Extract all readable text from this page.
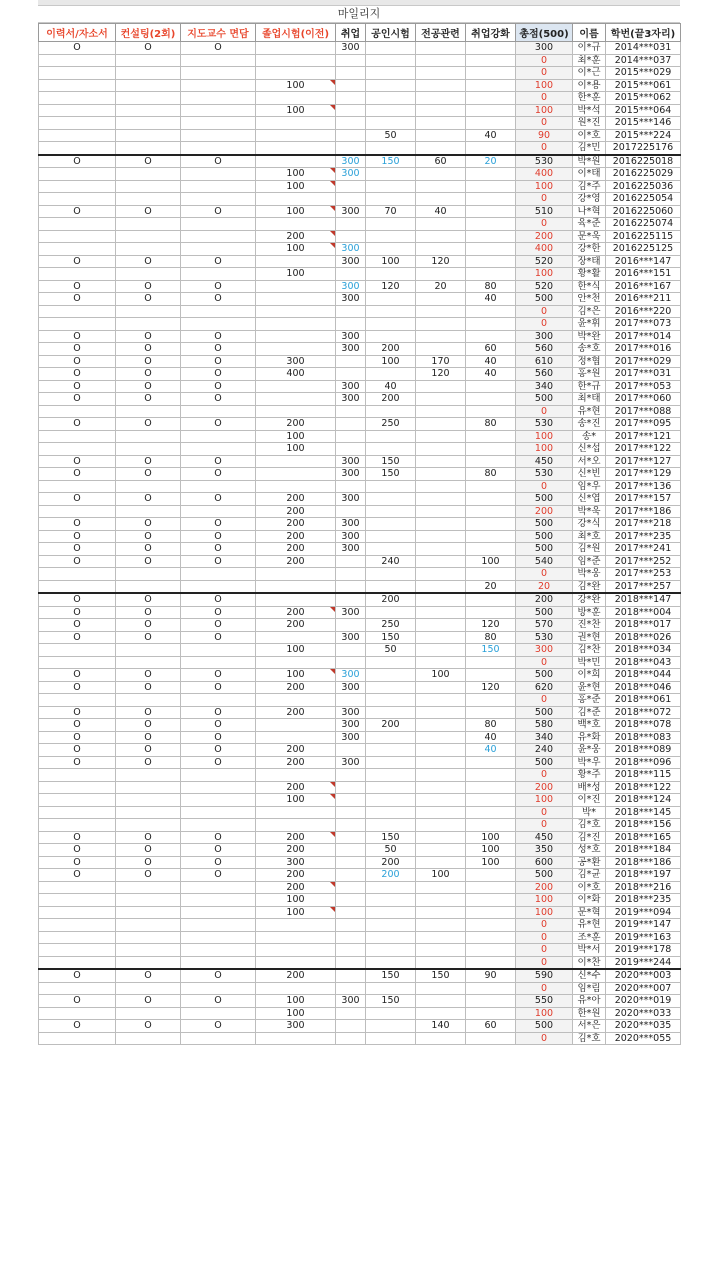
마일리지
이력서/자소서	컨설팅(2회)	지도교수 면담	졸업시험(이전)	취업	공인시험	전공관련	취업강화	총점(500)	이름	학번(끝3자리)
O	O	O		300				300	이*규	2014***031
								0	최*훈	2014***037
								0	이*근	2015***029
			100					100	이*용	2015***061
								0	한*훈	2015***062
			100					100	박*석	2015***064
								0	원*진	2015***146
					50		40	90	이*호	2015***224
								0	김*민	2017225176
O	O	O		300	150	60	20	530	박*원	2016225018
			100	300				400	이*태	2016225029
			100					100	김*주	2016225036
								0	강*영	2016225054
O	O	O	100	300	70	40		510	나*혁	2016225060
								0	육*준	2016225074
			200					200	문*욱	2016225115
			100	300				400	강*한	2016225125
O	O	O		300	100	120		520	장*태	2016***147
			100					100	황*활	2016***151
O	O	O		300	120	20	80	520	한*식	2016***167
O	O	O		300			40	500	안*천	2016***211
								0	김*은	2016***220
								0	윤*휘	2017***073
O	O	O		300				300	박*완	2017***014
O	O	O		300	200		60	560	송*호	2017***016
O	O	O	300		100	170	40	610	정*협	2017***029
O	O	O	400			120	40	560	홍*원	2017***031
O	O	O		300	40			340	한*규	2017***053
O	O	O		300	200			500	최*태	2017***060
								0	유*현	2017***088
O	O	O	200		250		80	530	송*진	2017***095
			100					100	송*	2017***121
			100					100	신*섭	2017***122
O	O	O		300	150			450	서*오	2017***127
O	O	O		300	150		80	530	신*빈	2017***129
								0	임*우	2017***136
O	O	O	200	300				500	신*엽	2017***157
			200					200	박*욱	2017***186
O	O	O	200	300				500	강*식	2017***218
O	O	O	200	300				500	최*호	2017***235
O	O	O	200	300				500	김*원	2017***241
O	O	O	200		240		100	540	임*준	2017***252
								0	박*웅	2017***253
							20	20	김*완	2017***257
O	O	O			200			200	강*완	2018***147
O	O	O	200	300				500	방*훈	2018***004
O	O	O	200		250		120	570	진*찬	2018***017
O	O	O		300	150		80	530	권*현	2018***026
			100		50		150	300	김*찬	2018***034
								0	박*민	2018***043
O	O	O	100	300		100		500	이*희	2018***044
O	O	O	200	300			120	620	윤*현	2018***046
								0	홍*준	2018***061
O	O	O	200	300				500	김*준	2018***072
O	O	O		300	200		80	580	백*호	2018***078
O	O	O		300			40	340	유*화	2018***083
O	O	O	200				40	240	윤*웅	2018***089
O	O	O	200	300				500	박*우	2018***096
								0	황*주	2018***115
			200					200	배*성	2018***122
			100					100	이*진	2018***124
								0	박*	2018***145
								0	김*호	2018***156
O	O	O	200		150		100	450	김*진	2018***165
O	O	O	200		50		100	350	성*호	2018***184
O	O	O	300		200		100	600	공*환	2018***186
O	O	O	200		200	100		500	김*균	2018***197
			200					200	이*호	2018***216
			100					100	이*화	2018***235
			100					100	문*혁	2019***094
								0	유*현	2019***147
								0	조*훈	2019***163
								0	박*서	2019***178
								0	이*찬	2019***244
O	O	O	200		150	150	90	590	신*수	2020***003
								0	임*림	2020***007
O	O	O	100	300	150			550	유*아	2020***019
			100					100	한*원	2020***033
O	O	O	300			140	60	500	서*은	2020***035
								0	김*호	2020***055
